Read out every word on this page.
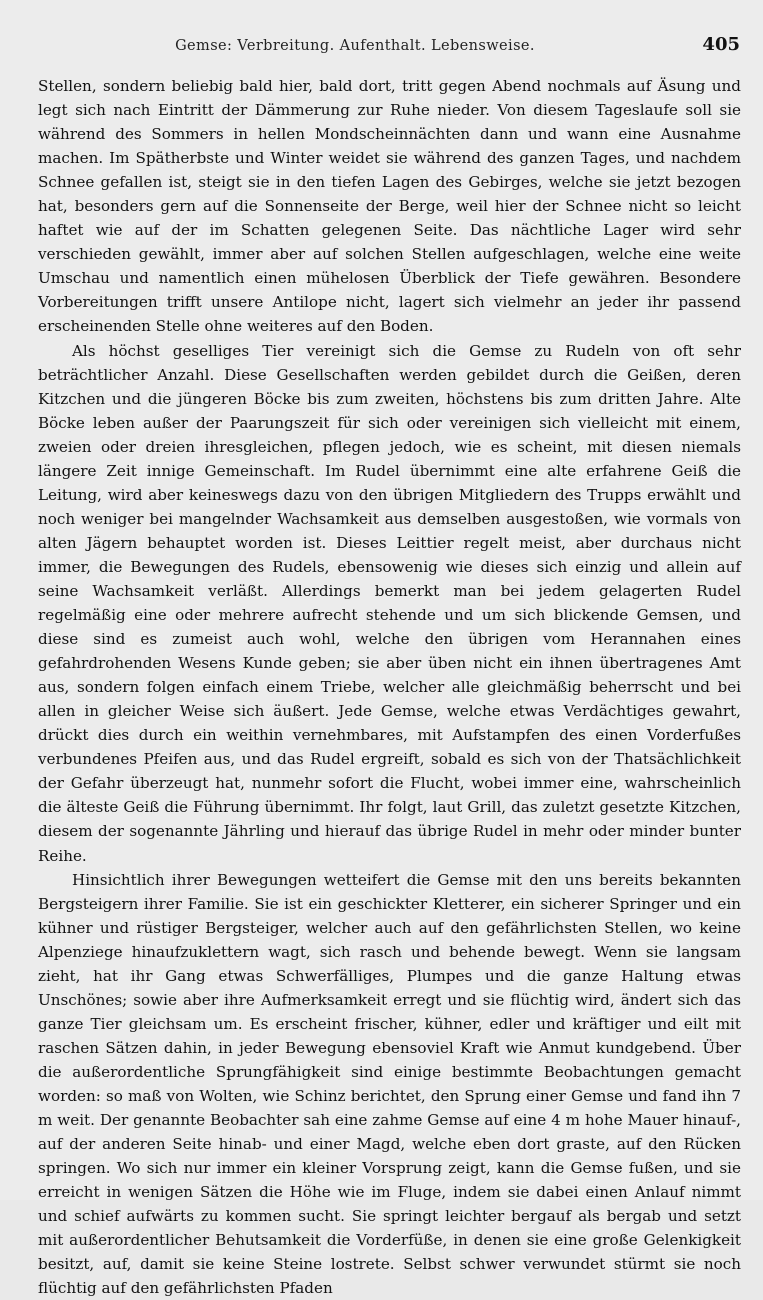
Gemse: Verbreitung. Aufenthalt. Lebensweise.	405

Stellen, sondern beliebig bald hier, bald dort, tritt gegen Abend nochmals auf Äsung und legt sich nach Eintritt der Dämmerung zur Ruhe nieder. Von diesem Tageslaufe soll sie während des Sommers in hellen Mondscheinnächten dann und wann eine Ausnahme machen. Im Spätherbste und Winter weidet sie während des ganzen Tages, und nachdem Schnee gefallen ist, steigt sie in den tiefen Lagen des Gebirges, welche sie jetzt bezogen hat, besonders gern auf die Sonnenseite der Berge, weil hier der Schnee nicht so leicht haftet wie auf der im Schatten gelegenen Seite. Das nächtliche Lager wird sehr verschieden gewählt, immer aber auf solchen Stellen aufgeschlagen, welche eine weite Umschau und namentlich einen mühelosen Überblick der Tiefe gewähren. Besondere Vorbereitungen trifft unsere Antilope nicht, lagert sich vielmehr an jeder ihr passend erscheinenden Stelle ohne weiteres auf den Boden.

Als höchst geselliges Tier vereinigt sich die Gemse zu Rudeln von oft sehr beträchtlicher Anzahl. Diese Gesellschaften werden gebildet durch die Geißen, deren Kitzchen und die jüngeren Böcke bis zum zweiten, höchstens bis zum dritten Jahre. Alte Böcke leben außer der Paarungszeit für sich oder vereinigen sich vielleicht mit einem, zweien oder dreien ihresgleichen, pflegen jedoch, wie es scheint, mit diesen niemals längere Zeit innige Gemeinschaft. Im Rudel übernimmt eine alte erfahrene Geiß die Leitung, wird aber keineswegs dazu von den übrigen Mitgliedern des Trupps erwählt und noch weniger bei mangelnder Wachsamkeit aus demselben ausgestoßen, wie vormals von alten Jägern behauptet worden ist. Dieses Leittier regelt meist, aber durchaus nicht immer, die Bewegungen des Rudels, ebensowenig wie dieses sich einzig und allein auf seine Wachsamkeit verläßt. Allerdings bemerkt man bei jedem gelagerten Rudel regelmäßig eine oder mehrere aufrecht stehende und um sich blickende Gemsen, und diese sind es zumeist auch wohl, welche den übrigen vom Herannahen eines gefahrdrohenden Wesens Kunde geben; sie aber üben nicht ein ihnen übertragenes Amt aus, sondern folgen einfach einem Triebe, welcher alle gleichmäßig beherrscht und bei allen in gleicher Weise sich äußert. Jede Gemse, welche etwas Verdächtiges gewahrt, drückt dies durch ein weithin vernehmbares, mit Aufstampfen des einen Vorderfußes verbundenes Pfeifen aus, und das Rudel ergreift, sobald es sich von der Thatsächlichkeit der Gefahr überzeugt hat, nunmehr sofort die Flucht, wobei immer eine, wahrscheinlich die älteste Geiß die Führung übernimmt. Ihr folgt, laut Grill, das zuletzt gesetzte Kitzchen, diesem der sogenannte Jährling und hierauf das übrige Rudel in mehr oder minder bunter Reihe.

Hinsichtlich ihrer Bewegungen wetteifert die Gemse mit den uns bereits bekannten Bergsteigern ihrer Familie. Sie ist ein geschickter Kletterer, ein sicherer Springer und ein kühner und rüstiger Bergsteiger, welcher auch auf den gefährlichsten Stellen, wo keine Alpenziege hinaufzuklettern wagt, sich rasch und behende bewegt. Wenn sie langsam zieht, hat ihr Gang etwas Schwerfälliges, Plumpes und die ganze Haltung etwas Unschönes; sowie aber ihre Aufmerksamkeit erregt und sie flüchtig wird, ändert sich das ganze Tier gleichsam um. Es erscheint frischer, kühner, edler und kräftiger und eilt mit raschen Sätzen dahin, in jeder Bewegung ebensoviel Kraft wie Anmut kundgebend. Über die außerordentliche Sprungfähigkeit sind einige bestimmte Beobachtungen gemacht worden: so maß von Wolten, wie Schinz berichtet, den Sprung einer Gemse und fand ihn 7 m weit. Der genannte Beobachter sah eine zahme Gemse auf eine 4 m hohe Mauer hinauf-, auf der anderen Seite hinab- und einer Magd, welche eben dort graste, auf den Rücken springen. Wo sich nur immer ein kleiner Vorsprung zeigt, kann die Gemse fußen, und sie erreicht in wenigen Sätzen die Höhe wie im Fluge, indem sie dabei einen Anlauf nimmt und schief aufwärts zu kommen sucht. Sie springt leichter bergauf als bergab und setzt mit außerordentlicher Behutsamkeit die Vorderfüße, in denen sie eine große Gelenkigkeit besitzt, auf, damit sie keine Steine lostrete. Selbst schwer verwundet stürmt sie noch flüchtig auf den gefährlichsten Pfaden
